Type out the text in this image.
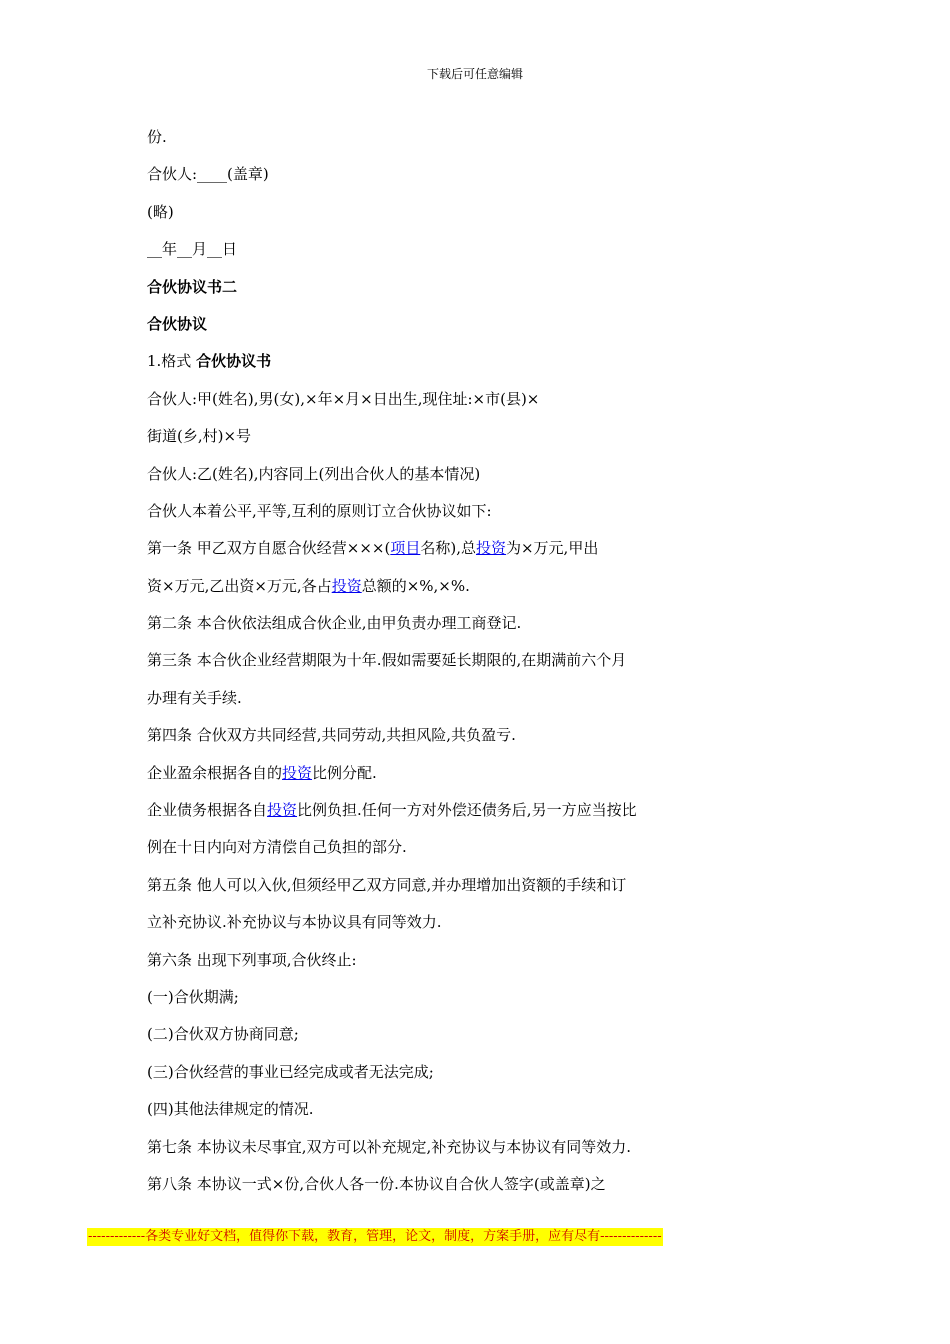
下载后可任意编辑
份.
合伙人:____(盖章)
(略)
__年__月__日
合伙协议书二
合伙协议
1.格式 合伙协议书
合伙人:甲(姓名),男(女),×年×月×日出生,现住址:×市(县)×
街道(乡,村)×号
合伙人:乙(姓名),内容同上(列出合伙人的基本情况)
合伙人本着公平,平等,互利的原则订立合伙协议如下:
第一条 甲乙双方自愿合伙经营×××(项目名称),总投资为×万元,甲出
资×万元,乙出资×万元,各占投资总额的×%,×%.
第二条 本合伙依法组成合伙企业,由甲负责办理工商登记.
第三条 本合伙企业经营期限为十年.假如需要延长期限的,在期满前六个月
办理有关手续.
第四条 合伙双方共同经营,共同劳动,共担风险,共负盈亏.
企业盈余根据各自的投资比例分配.
企业债务根据各自投资比例负担.任何一方对外偿还债务后,另一方应当按比
例在十日内向对方清偿自己负担的部分.
第五条 他人可以入伙,但须经甲乙双方同意,并办理增加出资额的手续和订
立补充协议.补充协议与本协议具有同等效力.
第六条 出现下列事项,合伙终止:
(一)合伙期满;
(二)合伙双方协商同意;
(三)合伙经营的事业已经完成或者无法完成;
(四)其他法律规定的情况.
第七条 本协议未尽事宜,双方可以补充规定,补充协议与本协议有同等效力.
第八条 本协议一式×份,合伙人各一份.本协议自合伙人签字(或盖章)之
-------------各类专业好文档，值得你下载，教育，管理，论文，制度，方案手册，应有尽有--------------
